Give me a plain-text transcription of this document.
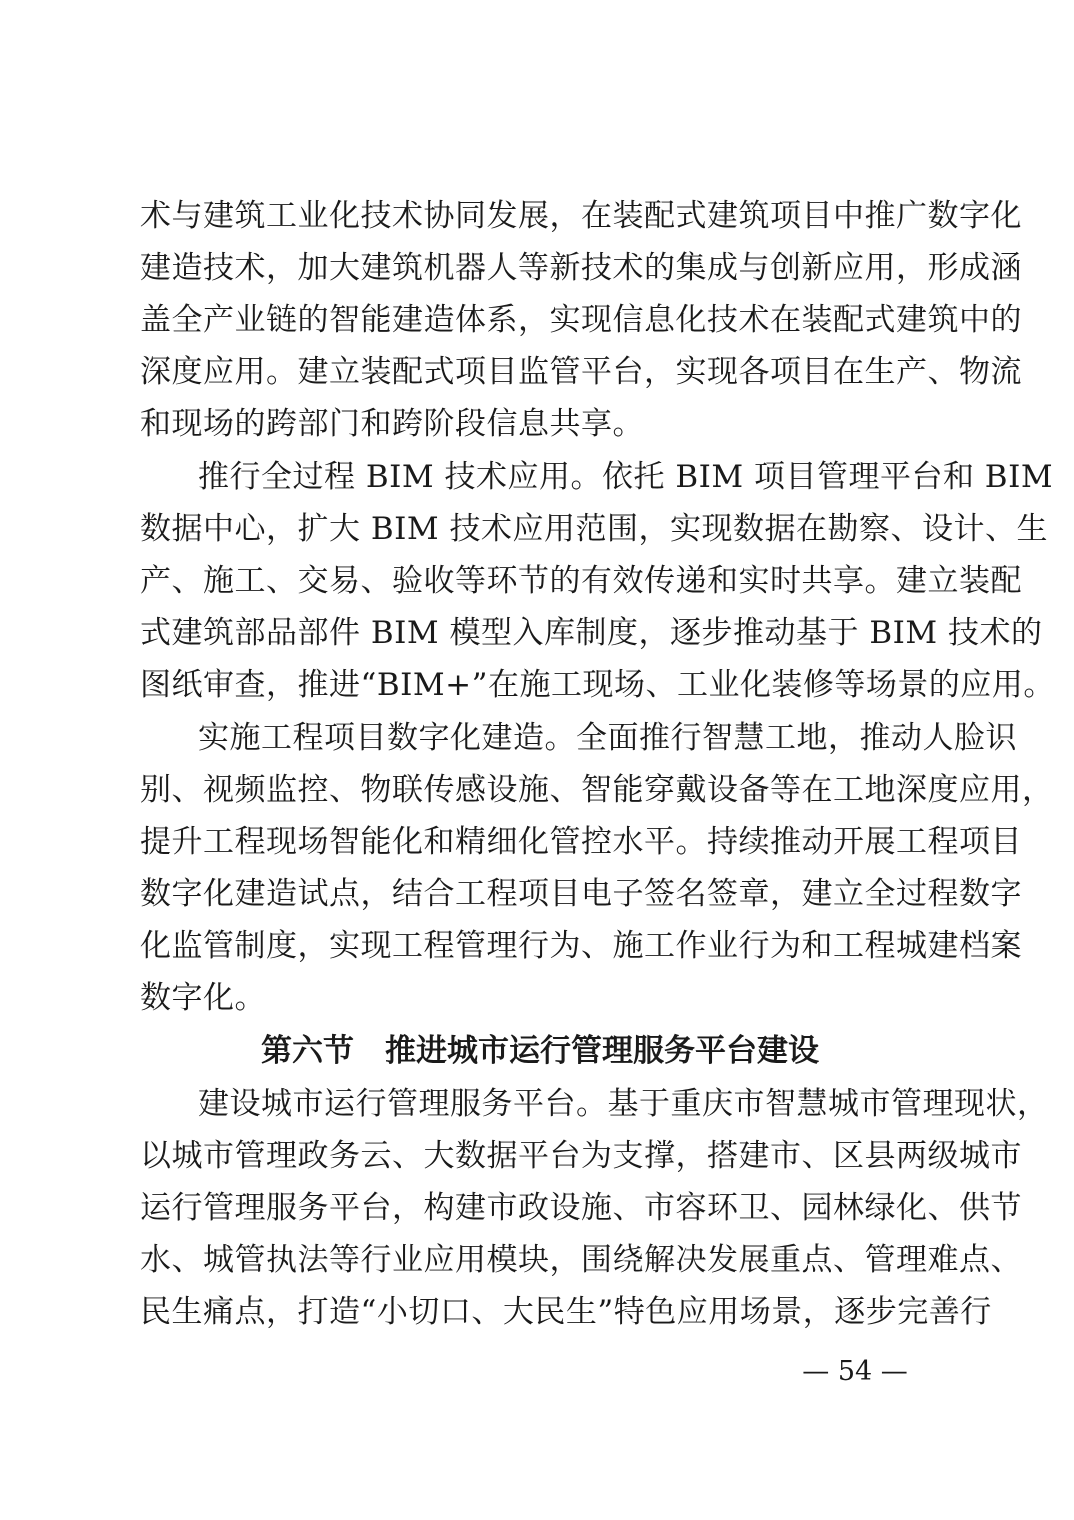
术与建筑工业化技术协同发展，在装配式建筑项目中推广数字化
建造技术，加大建筑机器人等新技术的集成与创新应用，形成涵
盖全产业链的智能建造体系，实现信息化技术在装配式建筑中的
深度应用。建立装配式项目监管平台，实现各项目在生产、物流
和现场的跨部门和跨阶段信息共享。
推行全过程 BIM 技术应用。依托 BIM 项目管理平台和 BIM
数据中心，扩大 BIM 技术应用范围，实现数据在勘察、设计、生
产、施工、交易、验收等环节的有效传递和实时共享。建立装配
式建筑部品部件 BIM 模型入库制度，逐步推动基于 BIM 技术的
图纸审查，推进“BIM+”在施工现场、工业化装修等场景的应用。
实施工程项目数字化建造。全面推行智慧工地，推动人脸识
别、视频监控、物联传感设施、智能穿戴设备等在工地深度应用，
提升工程现场智能化和精细化管控水平。持续推动开展工程项目
数字化建造试点，结合工程项目电子签名签章，建立全过程数字
化监管制度，实现工程管理行为、施工作业行为和工程城建档案
数字化。
第六节　推进城市运行管理服务平台建设
建设城市运行管理服务平台。基于重庆市智慧城市管理现状，
以城市管理政务云、大数据平台为支撑，搭建市、区县两级城市
运行管理服务平台，构建市政设施、市容环卫、园林绿化、供节
水、城管执法等行业应用模块，围绕解决发展重点、管理难点、
民生痛点，打造“小切口、大民生”特色应用场景，逐步完善行
— 54 —
